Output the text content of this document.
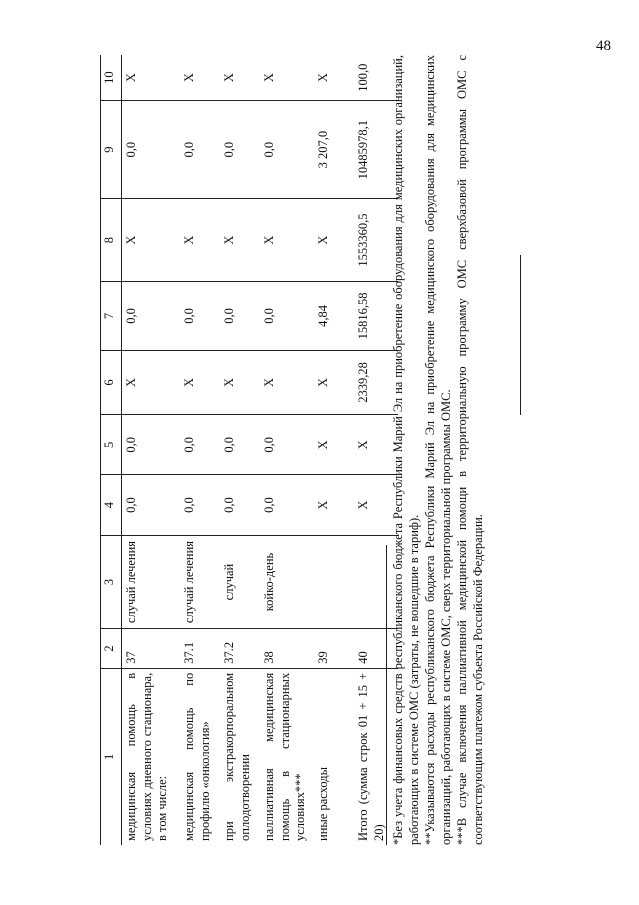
48
1	2	3	4	5	6	7	8	9	10
медицинская помощь в условиях дневного стационара, в том числе:	37	случай лечения	0,0	0,0	X	0,0	X	0,0	X
медицинская помощь по профилю «онкология»	37.1	случай лечения	0,0	0,0	X	0,0	X	0,0	X
при экстракорпоральном оплодотворении	37.2	случай	0,0	0,0	X	0,0	X	0,0	X
паллиативная медицинская помощь в стационарных условиях***	38	койко-день	0,0	0,0	X	0,0	X	0,0	X
иные расходы	39		X	X	X	4,84	X	3 207,0	X
Итого (сумма строк 01 + 15 + 20)	40		X	X	2339,28	15816,58	1553360,5	10485978,1	100,0 *Без учета финансовых средств республиканского бюджета Республики Марий Эл на приобретение оборудования для медицинских организаций, работающих в системе ОМС (затраты, не вошедшие в тариф). **Указываются расходы республиканского бюджета Республики Марий Эл на приобретение медицинского оборудования для медицинских организаций, работающих в системе ОМС, сверх территориальной программы ОМС. ***В случае включения паллиативной медицинской помощи в территориальную программу ОМС сверхбазовой программы ОМС с соответствующим платежом субъекта Российской Федерации.
